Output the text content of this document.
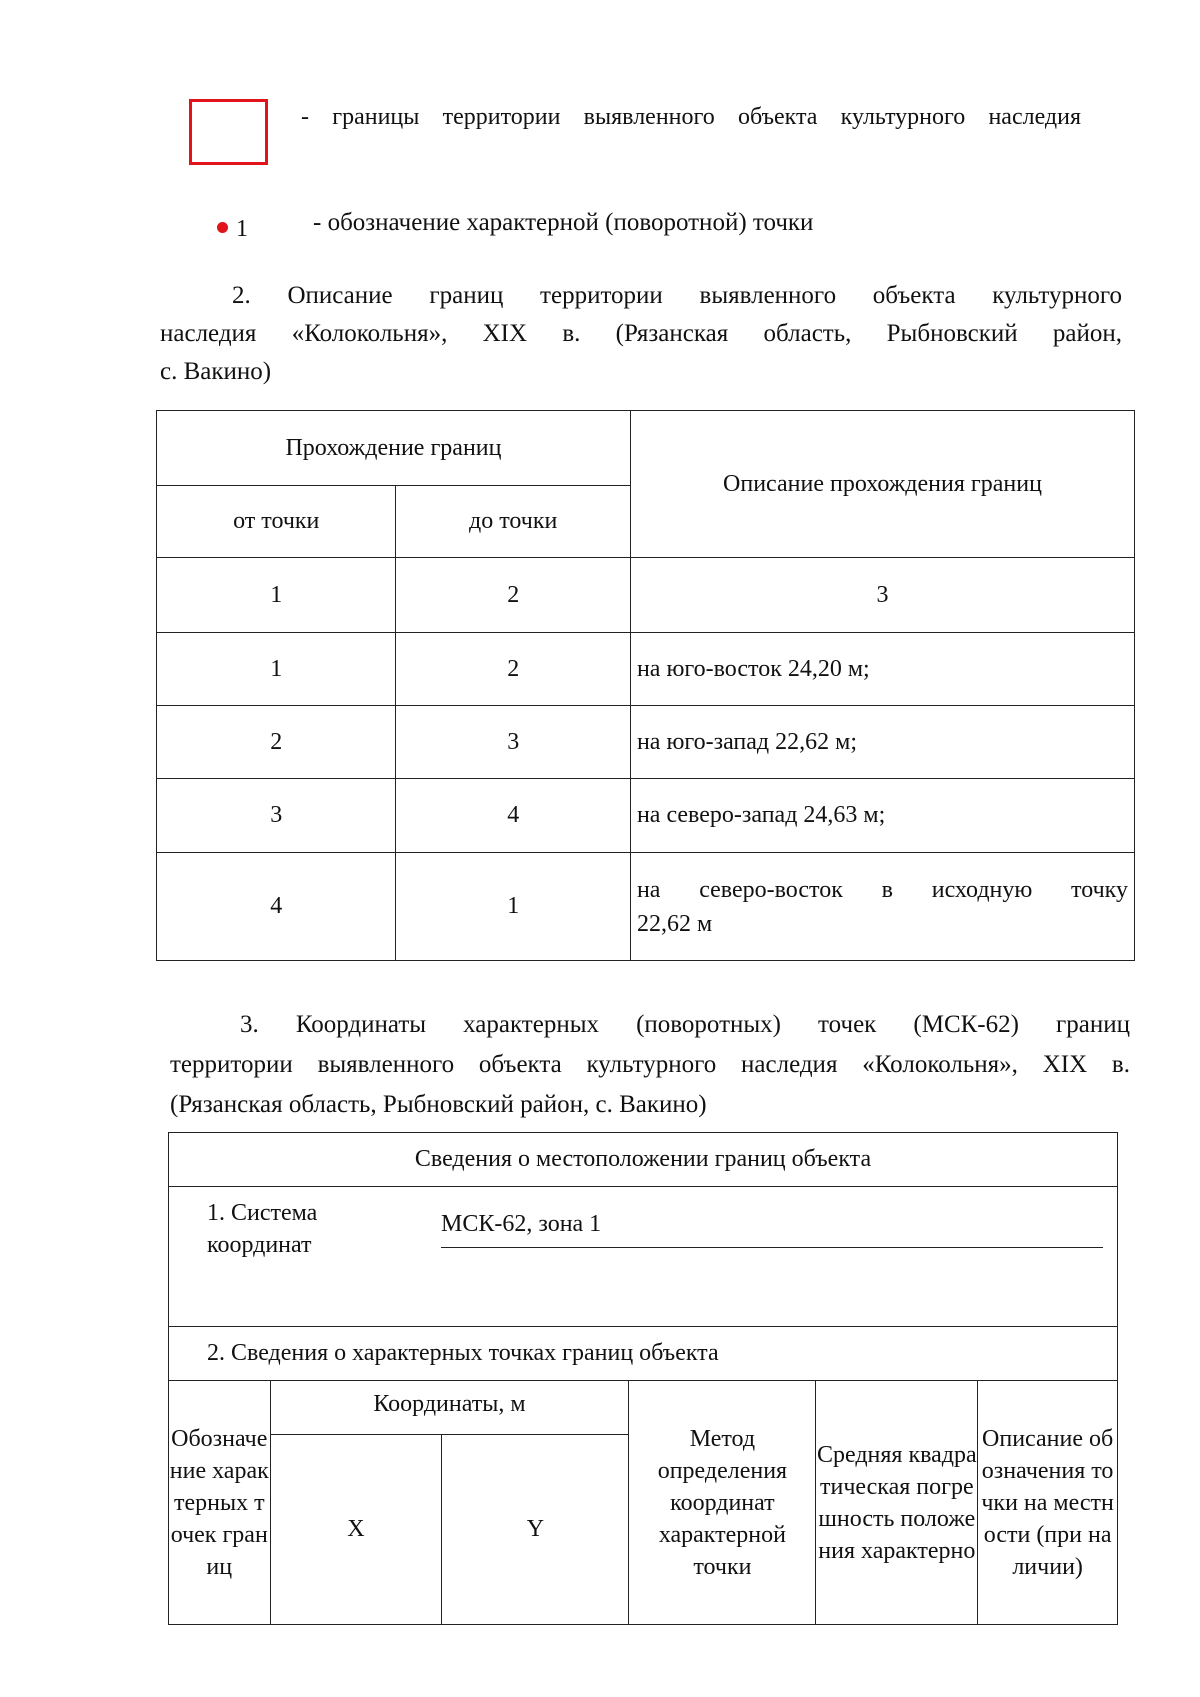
- границы территории выявленного объекта культурного наследия
1	- обозначение характерной (поворотной) точки
2. Описание границ территории выявленного объекта культурного
наследия «Колокольня», XIX в. (Рязанская область, Рыбновский район,
с. Вакино)
Прохождение границ		Описание прохождения границ
от точки	до точки	
1	2	3
1	2	на юго-восток 24,20 м;
2	3	на юго-запад 22,62 м;
3	4	на северо-запад 24,63 м;
4	1	на северо-восток в исходную точку
22,62 м
3. Координаты характерных (поворотных) точек (МСК-62) границ
территории выявленного объекта культурного наследия «Колокольня», XIX в.
(Рязанская область, Рыбновский район, с. Вакино)
Сведения о местоположении границ объекта					

1. Система координат
МСК-62, зона 1					

2. Сведения о характерных точках границ объекта					
Обозначение характерных точек границ	Координаты, м		Метод определения координат характерной точки	Средняя квадратическая погрешность положения характерно	Описание обозначения точки на местности (при наличии)
	X	Y			
